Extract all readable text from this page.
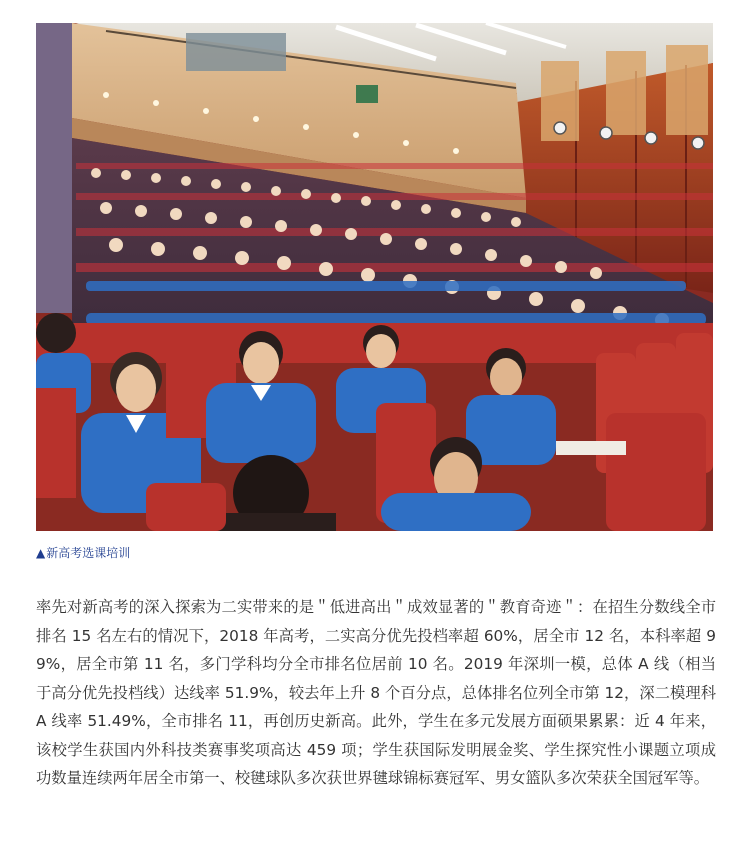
▲新高考选课培训

率先对新高考的深入探索为二实带来的是＂低进高出＂成效显著的＂教育奇迹＂：在招生分数线全市排名 15 名左右的情况下，2018 年高考，二实高分优先投档率超 60%，居全市 12 名，本科率超 99%，居全市第 11 名，多门学科均分全市排名位居前 10 名。2019 年深圳一模，总体 A 线（相当于高分优先投档线）达线率 51.9%，较去年上升 8 个百分点，总体排名位列全市第 12，深二模理科 A 线率 51.49%，全市排名 11，再创历史新高。此外，学生在多元发展方面硕果累累：近 4 年来，该校学生获国内外科技类赛事奖项高达 459 项；学生获国际发明展金奖、学生探究性小课题立项成功数量连续两年居全市第一、校毽球队多次获世界毽球锦标赛冠军、男女篮队多次荣获全国冠军等。
